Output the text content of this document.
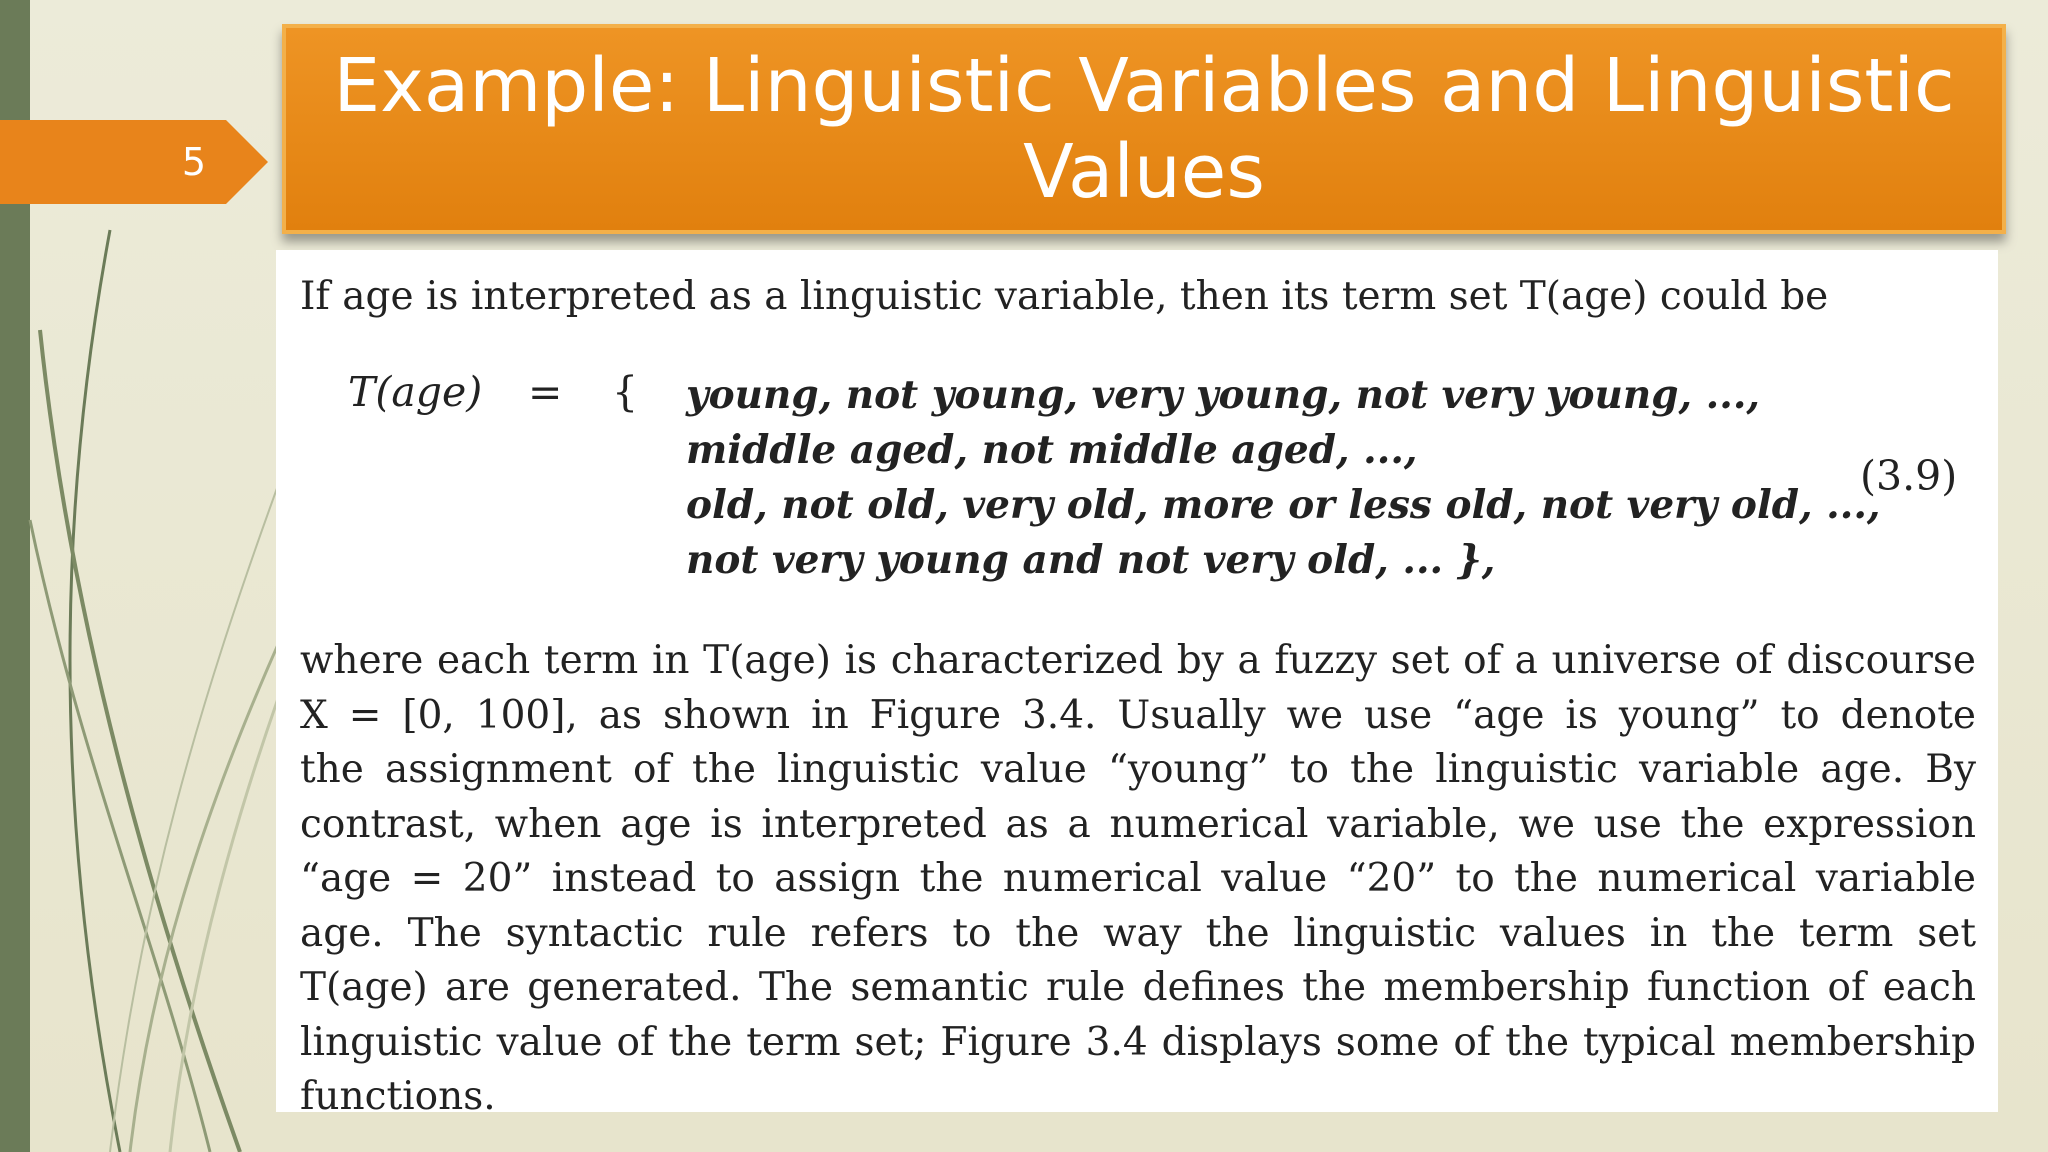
5
Example: Linguistic Variables and Linguistic Values
If age is interpreted as a linguistic variable, then its term set T(age) could be
T(age) = { young, not young, very young, not very young, ...,
middle aged, not middle aged, ...,
old, not old, very old, more or less old, not very old, ...,
not very young and not very old, ... },
(3.9)
where each term in T(age) is characterized by a fuzzy set of a universe of discourse
X = [0, 100], as shown in Figure 3.4. Usually we use “age is young” to denote
the assignment of the linguistic value “young” to the linguistic variable age. By
contrast, when age is interpreted as a numerical variable, we use the expression
“age = 20” instead to assign the numerical value “20” to the numerical variable
age. The syntactic rule refers to the way the linguistic values in the term set
T(age) are generated. The semantic rule defines the membership function of each
linguistic value of the term set; Figure 3.4 displays some of the typical membership
functions.
